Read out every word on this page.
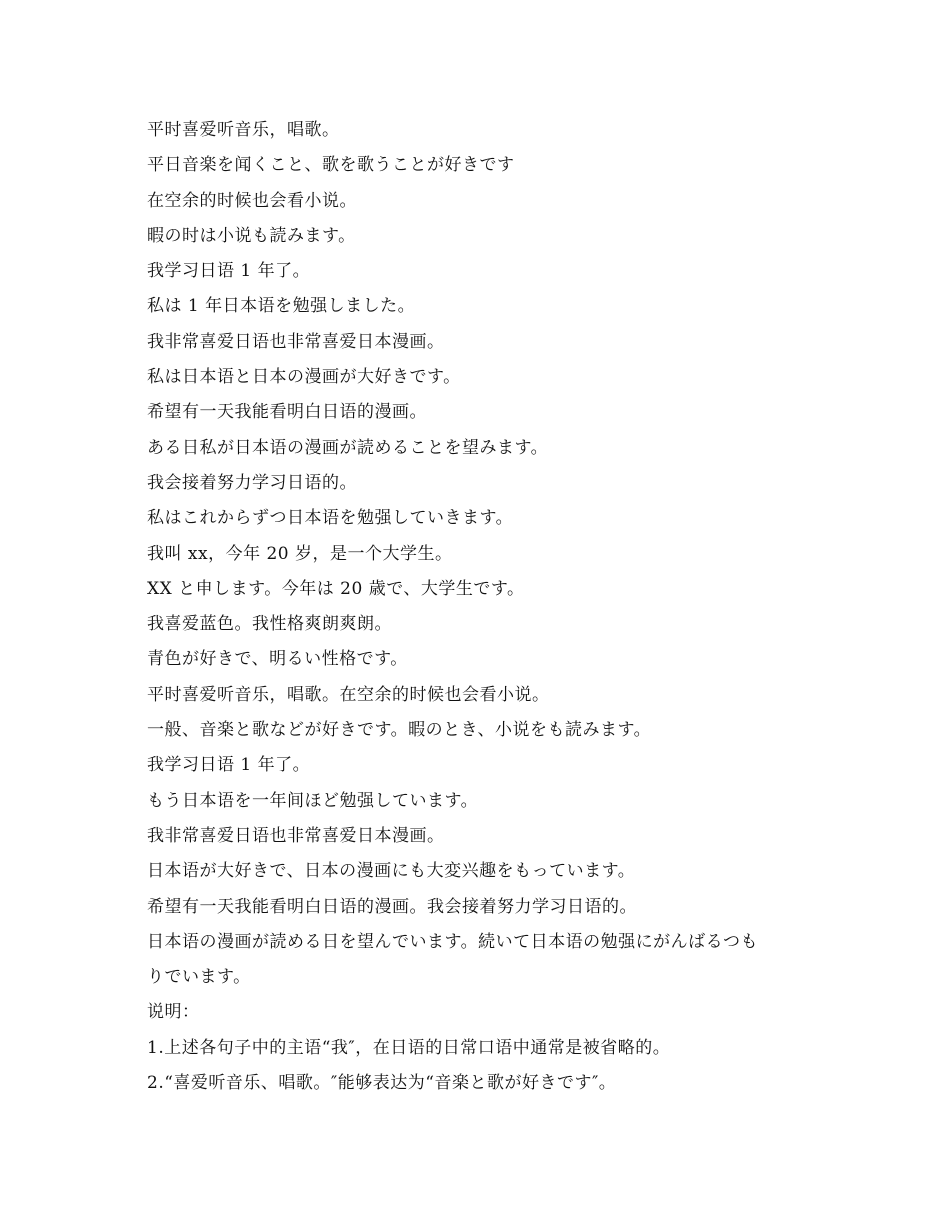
平时喜爱听音乐，唱歌。
平日音楽を闻くこと、歌を歌うことが好きです
在空余的时候也会看小说。
暇の时は小说も読みます。
我学习日语 1 年了。
私は 1 年日本语を勉强しました。
我非常喜爱日语也非常喜爱日本漫画。
私は日本语と日本の漫画が大好きです。
希望有一天我能看明白日语的漫画。
ある日私が日本语の漫画が読めることを望みます。
我会接着努力学习日语的。
私はこれからずつ日本语を勉强していきます。
我叫 xx，今年 20 岁，是一个大学生。
XX と申します。今年は 20 歳で、大学生です。
我喜爱蓝色。我性格爽朗爽朗。
青色が好きで、明るい性格です。
平时喜爱听音乐，唱歌。在空余的时候也会看小说。
一般、音楽と歌などが好きです。暇のとき、小说をも読みます。
我学习日语 1 年了。
もう日本语を一年间ほど勉强しています。
我非常喜爱日语也非常喜爱日本漫画。
日本语が大好きで、日本の漫画にも大変兴趣をもっています。
希望有一天我能看明白日语的漫画。我会接着努力学习日语的。
日本语の漫画が読める日を望んでいます。続いて日本语の勉强にがんばるつも
りでいます。
说明：
1.上述各句子中的主语“我″，在日语的日常口语中通常是被省略的。
2.“喜爱听音乐、唱歌。″能够表达为“音楽と歌が好きです″。
